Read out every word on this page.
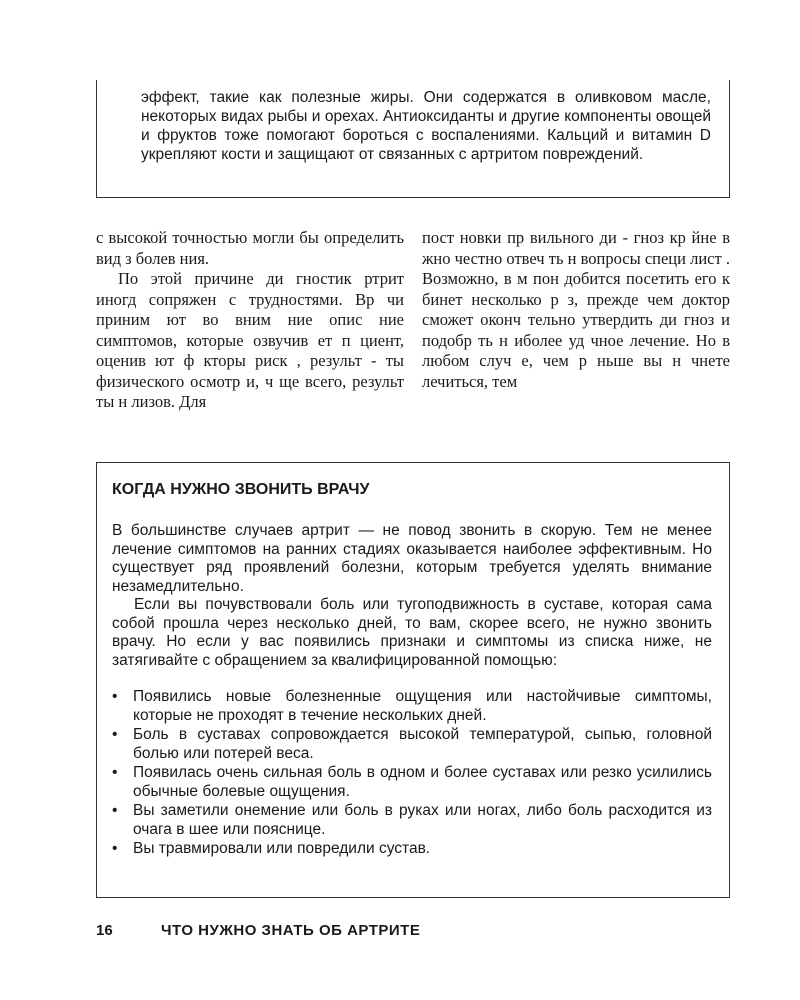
эффект, такие как полезные жиры. Они содержатся в оливковом масле, некоторых видах рыбы и орехах. Антиоксиданты и другие компоненты овощей и фруктов тоже помогают бороться с воспалениями. Кальций и витамин D укрепляют кости и защищают от связанных с артритом повреждений.

с высокой точностью могли бы определить вид з болев ния.

По этой причине ди гностик ртрит иногд сопряжен с трудностями. Вр чи приним ют во вним ние опис ние симптомов, которые озвучив ет п циент, оценив ют ф кторы риск , результ - ты физического осмотр и, ч ще всего, результ ты н лизов. Для

пост новки пр вильного ди - гноз кр йне в жно честно отвеч ть н вопросы специ лист . Возможно, в м пон добится посетить его к бинет несколько р з, прежде чем доктор сможет оконч тельно утвердить ди гноз и подобр ть н иболее уд чное лечение. Но в любом случ е, чем р ньше вы н чнете лечиться, тем

КОГДА НУЖНО ЗВОНИТЬ ВРАЧУ

В большинстве случаев артрит — не повод звонить в скорую. Тем не менее лечение симптомов на ранних стадиях оказывается наиболее эффективным. Но существует ряд проявлений болезни, которым требуется уделять внимание незамедлительно.

Если вы почувствовали боль или тугоподвижность в суставе, которая сама собой прошла через несколько дней, то вам, скорее всего, не нужно звонить врачу. Но если у вас появились признаки и симптомы из списка ниже, не затягивайте с обращением за квалифицированной помощью:

• Появились новые болезненные ощущения или настойчивые симптомы, которые не проходят в течение нескольких дней.
• Боль в суставах сопровождается высокой температурой, сыпью, головной болью или потерей веса.
• Появилась очень сильная боль в одном и более суставах или резко усилились обычные болевые ощущения.
• Вы заметили онемение или боль в руках или ногах, либо боль расходится из очага в шее или пояснице.
• Вы травмировали или повредили сустав.
16	ЧТО НУЖНО ЗНАТЬ ОБ АРТРИТЕ
